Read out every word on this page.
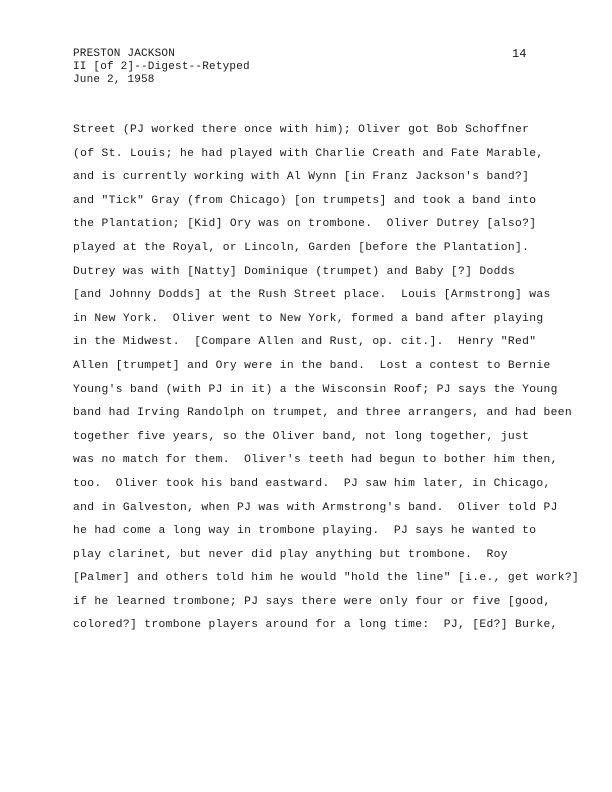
PRESTON JACKSON
II [of 2]--Digest--Retyped
June 2, 1958
14
Street (PJ worked there once with him); Oliver got Bob Schoffner
(of St. Louis; he had played with Charlie Creath and Fate Marable,
and is currently working with Al Wynn [in Franz Jackson's band?]
and "Tick" Gray (from Chicago) [on trumpets] and took a band into
the Plantation; [Kid] Ory was on trombone.  Oliver Dutrey [also?]
played at the Royal, or Lincoln, Garden [before the Plantation].
Dutrey was with [Natty] Dominique (trumpet) and Baby [?] Dodds
[and Johnny Dodds] at the Rush Street place.  Louis [Armstrong] was
in New York.  Oliver went to New York, formed a band after playing
in the Midwest.  [Compare Allen and Rust, op. cit.].  Henry "Red"
Allen [trumpet] and Ory were in the band.  Lost a contest to Bernie
Young's band (with PJ in it) a the Wisconsin Roof; PJ says the Young
band had Irving Randolph on trumpet, and three arrangers, and had been
together five years, so the Oliver band, not long together, just
was no match for them.  Oliver's teeth had begun to bother him then,
too.  Oliver took his band eastward.  PJ saw him later, in Chicago,
and in Galveston, when PJ was with Armstrong's band.  Oliver told PJ
he had come a long way in trombone playing.  PJ says he wanted to
play clarinet, but never did play anything but trombone.  Roy
[Palmer] and others told him he would "hold the line" [i.e., get work?]
if he learned trombone; PJ says there were only four or five [good,
colored?] trombone players around for a long time:  PJ, [Ed?] Burke,
